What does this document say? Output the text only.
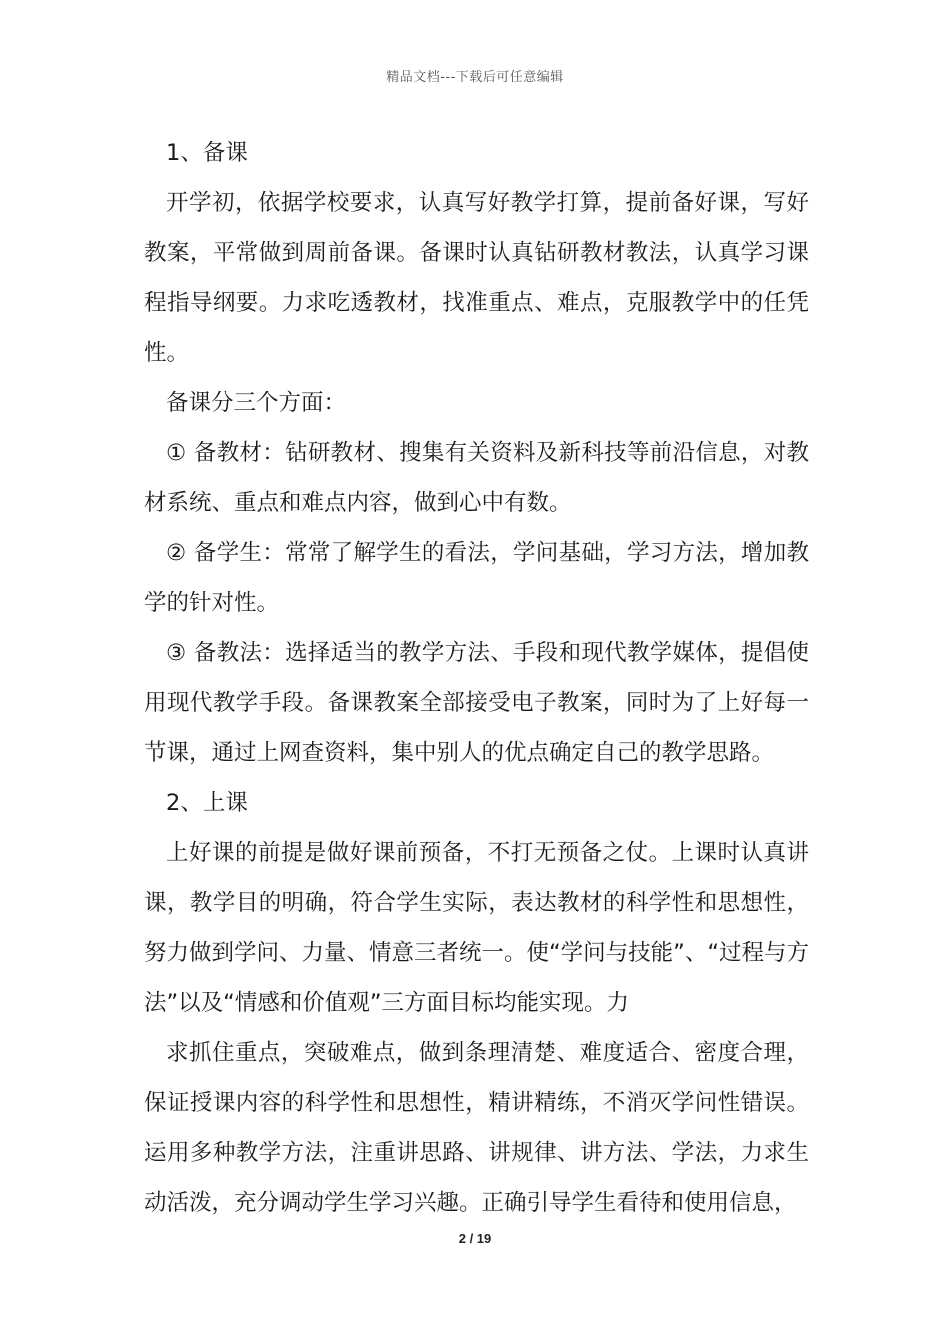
精品文档---下载后可任意编辑

1、备课

开学初，依据学校要求，认真写好教学打算，提前备好课，写好教案，平常做到周前备课。备课时认真钻研教材教法，认真学习课程指导纲要。力求吃透教材，找准重点、难点，克服教学中的任凭性。

备课分三个方面：

① 备教材：钻研教材、搜集有关资料及新科技等前沿信息，对教材系统、重点和难点内容，做到心中有数。

② 备学生：常常了解学生的看法，学问基础，学习方法，增加教学的针对性。

③ 备教法：选择适当的教学方法、手段和现代教学媒体，提倡使用现代教学手段。备课教案全部接受电子教案，同时为了上好每一节课，通过上网查资料，集中别人的优点确定自己的教学思路。

2、上课

上好课的前提是做好课前预备，不打无预备之仗。上课时认真讲课，教学目的明确，符合学生实际，表达教材的科学性和思想性，努力做到学问、力量、情意三者统一。使“学问与技能”、“过程与方法”以及“情感和价值观”三方面目标均能实现。力

求抓住重点，突破难点，做到条理清楚、难度适合、密度合理，保证授课内容的科学性和思想性，精讲精练，不消灭学问性错误。运用多种教学方法，注重讲思路、讲规律、讲方法、学法，力求生动活泼，充分调动学生学习兴趣。正确引导学生看待和使用信息，

2 / 19
